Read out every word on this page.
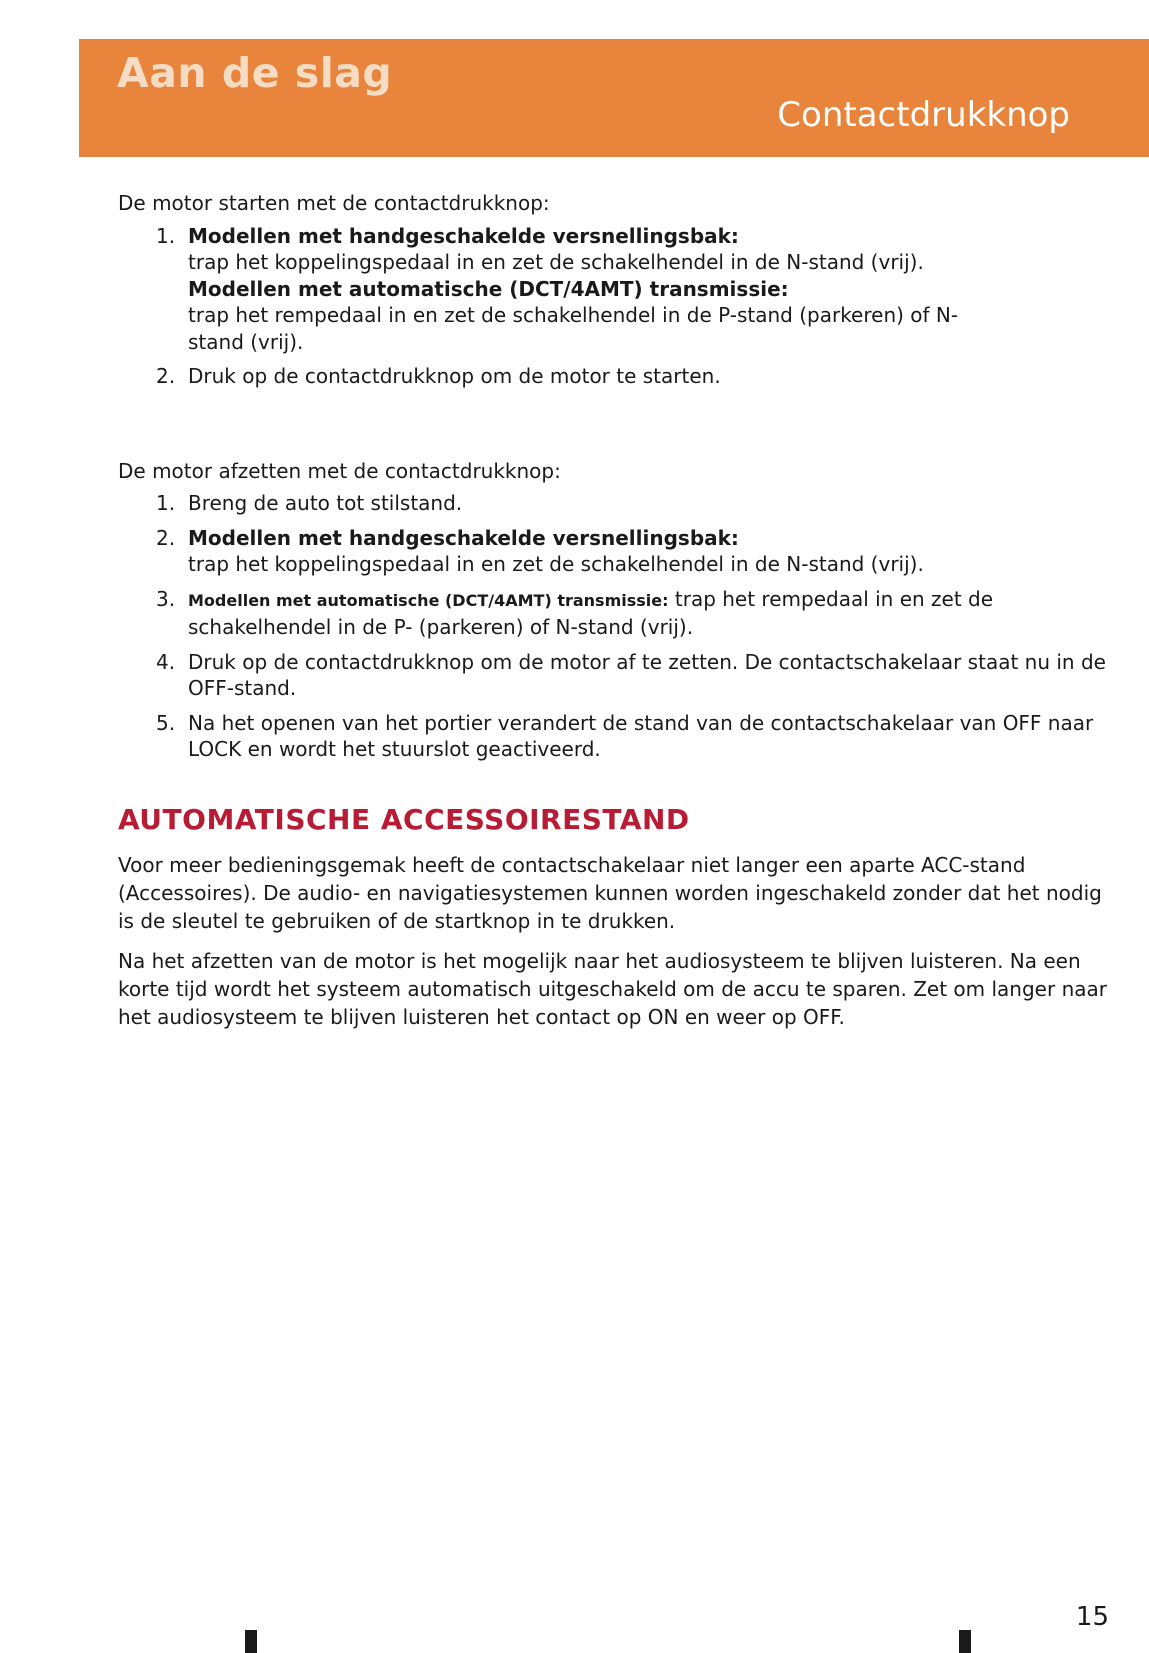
Aan de slag
Contactdrukknop

De motor starten met de contactdrukknop:

1. Modellen met handgeschakelde versnellingsbak:
trap het koppelingspedaal in en zet de schakelhendel in de N-stand (vrij).
Modellen met automatische (DCT/4AMT) transmissie:
trap het rempedaal in en zet de schakelhendel in de P-stand (parkeren) of N-stand (vrij).
2. Druk op de contactdrukknop om de motor te starten.

De motor afzetten met de contactdrukknop:

1. Breng de auto tot stilstand.
2. Modellen met handgeschakelde versnellingsbak:
trap het koppelingspedaal in en zet de schakelhendel in de N-stand (vrij).
3. Modellen met automatische (DCT/4AMT) transmissie: trap het rempedaal in en zet de schakelhendel in de P- (parkeren) of N-stand (vrij).
4. Druk op de contactdrukknop om de motor af te zetten. De contactschakelaar staat nu in de OFF-stand.
5. Na het openen van het portier verandert de stand van de contactschakelaar van OFF naar LOCK en wordt het stuurslot geactiveerd.
AUTOMATISCHE ACCESSOIRESTAND

Voor meer bedieningsgemak heeft de contactschakelaar niet langer een aparte ACC-stand (Accessoires). De audio- en navigatiesystemen kunnen worden ingeschakeld zonder dat het nodig is de sleutel te gebruiken of de startknop in te drukken.

Na het afzetten van de motor is het mogelijk naar het audiosysteem te blijven luisteren. Na een korte tijd wordt het systeem automatisch uitgeschakeld om de accu te sparen. Zet om langer naar het audiosysteem te blijven luisteren het contact op ON en weer op OFF.

15
